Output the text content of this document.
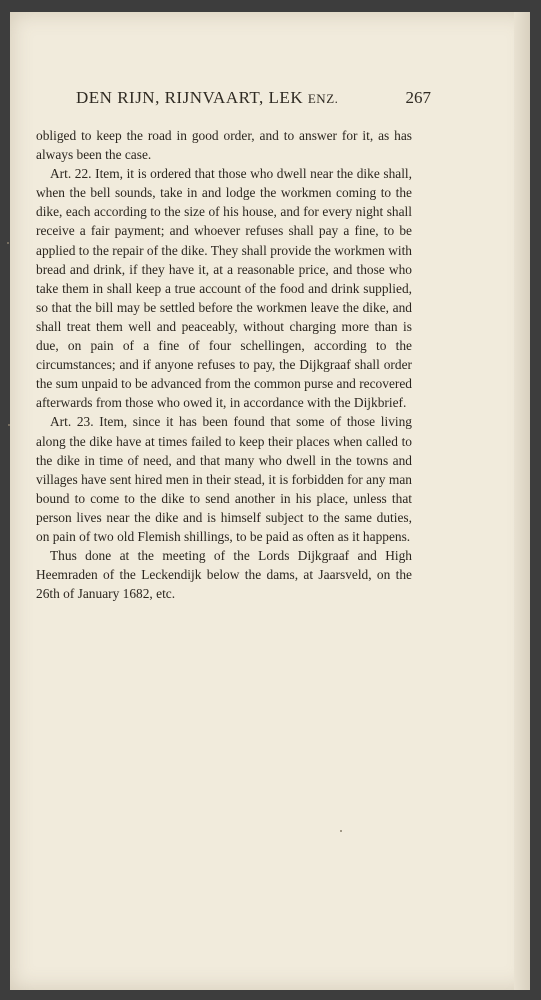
DEN RIJN, RIJNVAART, LEK ENZ.	267

obliged to keep the road in good order, and to answer for it, as has always been the case.

Art. 22. Item, it is ordered that those who dwell near the dike shall, when the bell sounds, take in and lodge the workmen coming to the dike, each according to the size of his house, and for every night shall receive a fair payment; and whoever refuses shall pay a fine, to be applied to the repair of the dike. They shall provide the workmen with bread and drink, if they have it, at a reasonable price, and those who take them in shall keep a true account of the food and drink supplied, so that the bill may be settled before the workmen leave the dike, and shall treat them well and peaceably, without charging more than is due, on pain of a fine of four schellingen, according to the circumstances; and if anyone refuses to pay, the Dijkgraaf shall order the sum unpaid to be advanced from the common purse and recovered afterwards from those who owed it, in accordance with the Dijkbrief.

Art. 23. Item, since it has been found that some of those living along the dike have at times failed to keep their places when called to the dike in time of need, and that many who dwell in the towns and villages have sent hired men in their stead, it is forbidden for any man bound to come to the dike to send another in his place, unless that person lives near the dike and is himself subject to the same duties, on pain of two old Flemish shillings, to be paid as often as it happens.

Thus done at the meeting of the Lords Dijkgraaf and High Heemraden of the Leckendijk below the dams, at Jaarsveld, on the 26th of January 1682, etc.
